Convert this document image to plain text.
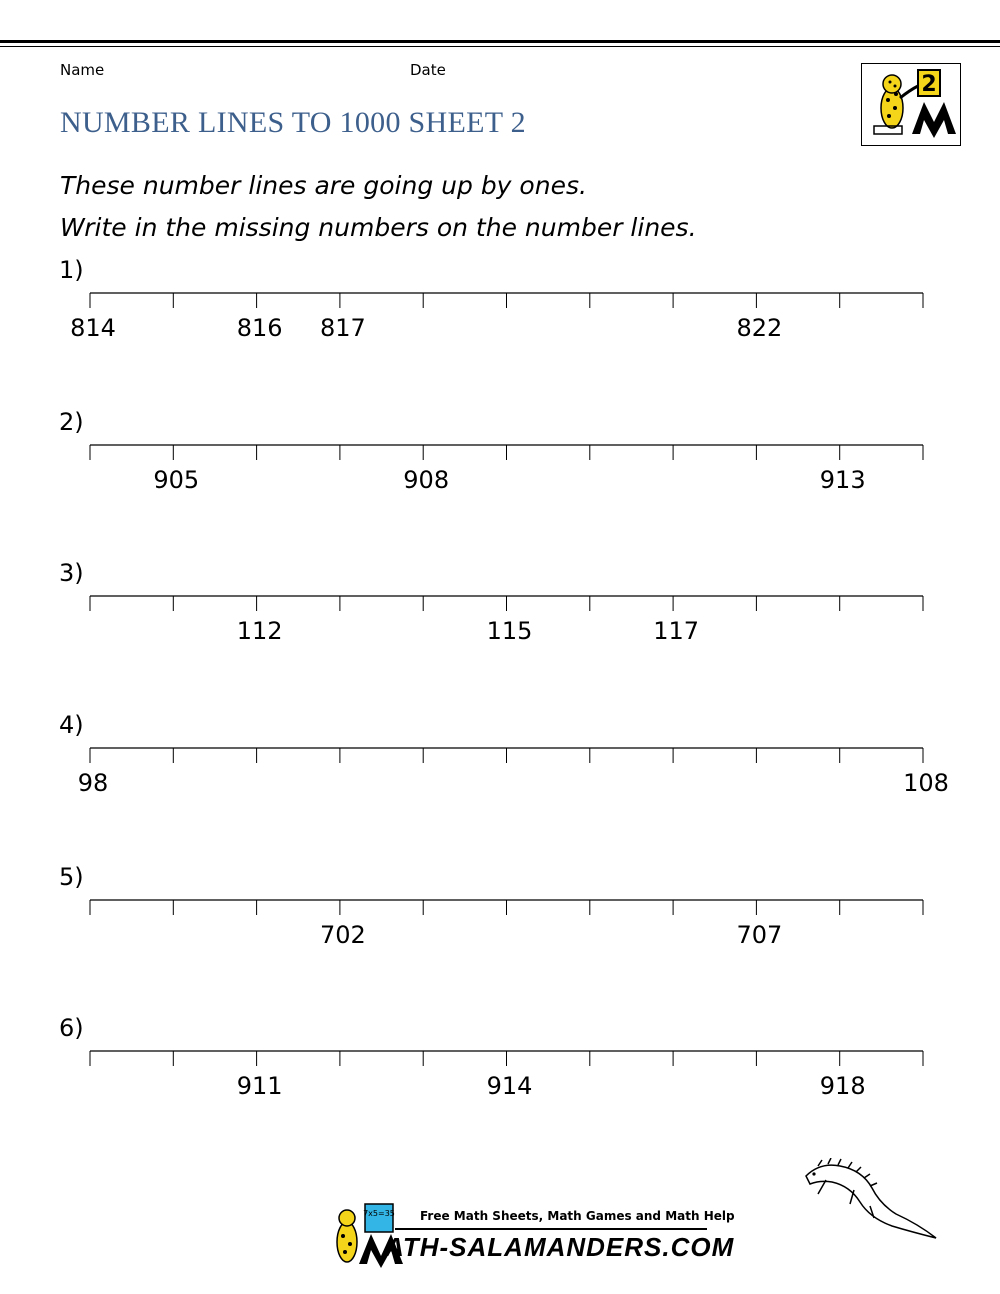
Name	Date
NUMBER LINES TO 1000 SHEET 2
2
These number lines are going up by ones.
Write in the missing numbers on the number lines.
1)
814	816 817	822
2)
905	908	913
3)
112	115	117
4)
98	108
5)
702	707
6)
911	914	918
7x5=35 Free Math Sheets, Math Games and Math Help
ATH-SALAMANDERS.COM
